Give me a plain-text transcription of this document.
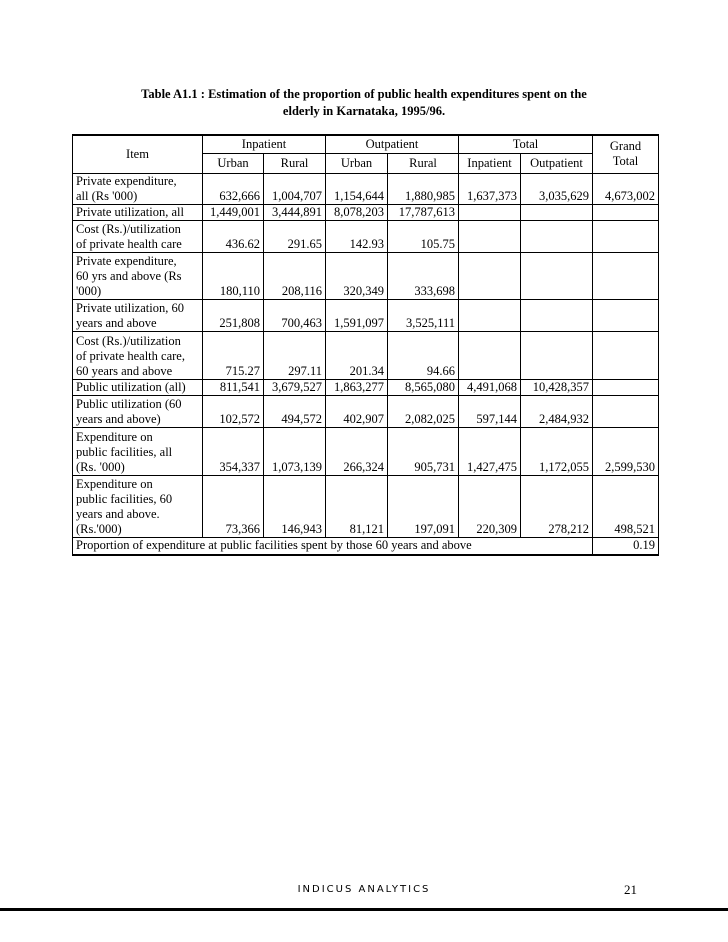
Table A1.1 : Estimation of the proportion of public health expenditures spent on the
elderly in Karnataka, 1995/96.
Item	Inpatient		Outpatient		Total		Grand
Total

	Urban	Rural	Urban	Rural	Inpatient	Outpatient	

Private expenditure,
all (Rs '000)	632,666	1,004,707	1,154,644	1,880,985	1,637,373	3,035,629	4,673,002

Private utilization, all	1,449,001	3,444,891	8,078,203	17,787,613			

Cost (Rs.)/utilization
of private health care	436.62	291.65	142.93	105.75			

Private expenditure,
60 yrs and above (Rs
'000)	180,110	208,116	320,349	333,698			

Private utilization, 60
years and above	251,808	700,463	1,591,097	3,525,111			

Cost (Rs.)/utilization
of private health care,
60 years and above	715.27	297.11	201.34	94.66			

Public utilization (all)	811,541	3,679,527	1,863,277	8,565,080	4,491,068	10,428,357	

Public utilization (60
years and above)	102,572	494,572	402,907	2,082,025	597,144	2,484,932	

Expenditure on
public facilities, all
(Rs. '000)	354,337	1,073,139	266,324	905,731	1,427,475	1,172,055	2,599,530

Expenditure on
public facilities, 60
years and above.
(Rs.'000)	73,366	146,943	81,121	197,091	220,309	278,212	498,521
Proportion of expenditure at public facilities spent by those 60 years and above							0.19
INDICUS ANALYTICS	21
